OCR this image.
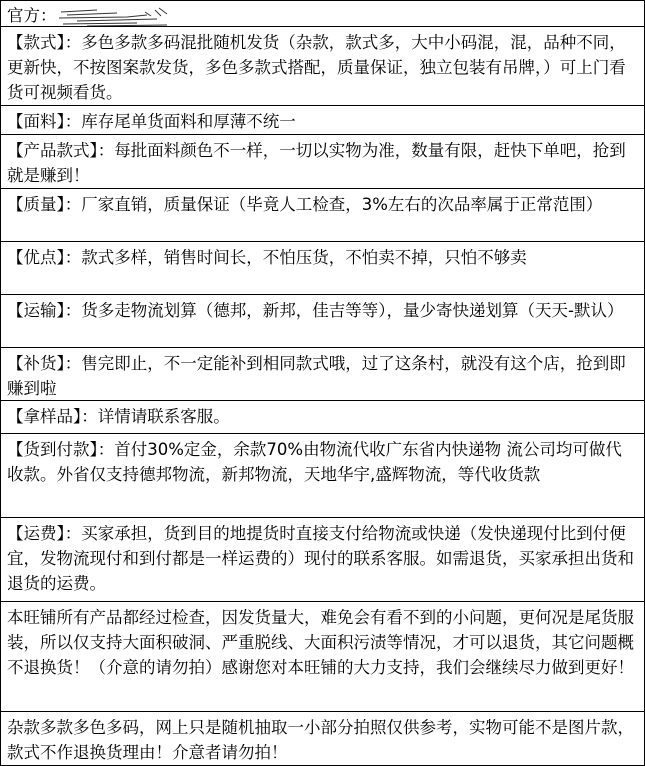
官方：
【款式】：多色多款多码混批随机发货（杂款，款式多，大中小码混，混，品种不同，更新快，不按图案款发货，多色多款式搭配，质量保证，独立包装有吊牌，）可上门看货可视频看货。
【面料】：库存尾单货面料和厚薄不统一
【产品款式】：每批面料颜色不一样，一切以实物为准，数量有限，赶快下单吧，抢到就是赚到！
【质量】：厂家直销，质量保证（毕竟人工检查，3%左右的次品率属于正常范围）
【优点】：款式多样，销售时间长，不怕压货，不怕卖不掉，只怕不够卖
【运输】：货多走物流划算（德邦，新邦，佳吉等等），量少寄快递划算（天天-默认）
【补货】：售完即止，不一定能补到相同款式哦，过了这条村，就没有这个店，抢到即赚到啦
【拿样品】：详情请联系客服。
【货到付款】：首付30%定金，余款70%由物流代收广东省内快递物 流公司均可做代 收款。外省仅支持德邦物流，新邦物流，天地华宇,盛辉物流，等代收货款
【运费】：买家承担，货到目的地提货时直接支付给物流或快递（发快递现付比到付便宜，发物流现付和到付都是一样运费的）现付的联系客服。如需退货，买家承担出货和退货的运费。
本旺铺所有产品都经过检查，因发货量大，难免会有看不到的小问题，更何况是尾货服装，所以仅支持大面积破洞、严重脱线、大面积污渍等情况，才可以退货，其它问题概不退换货！（介意的请勿拍）感谢您对本旺铺的大力支持，我们会继续尽力做到更好！
杂款多款多色多码，网上只是随机抽取一小部分拍照仅供参考，实物可能不是图片款，款式不作退换货理由！介意者请勿拍！
